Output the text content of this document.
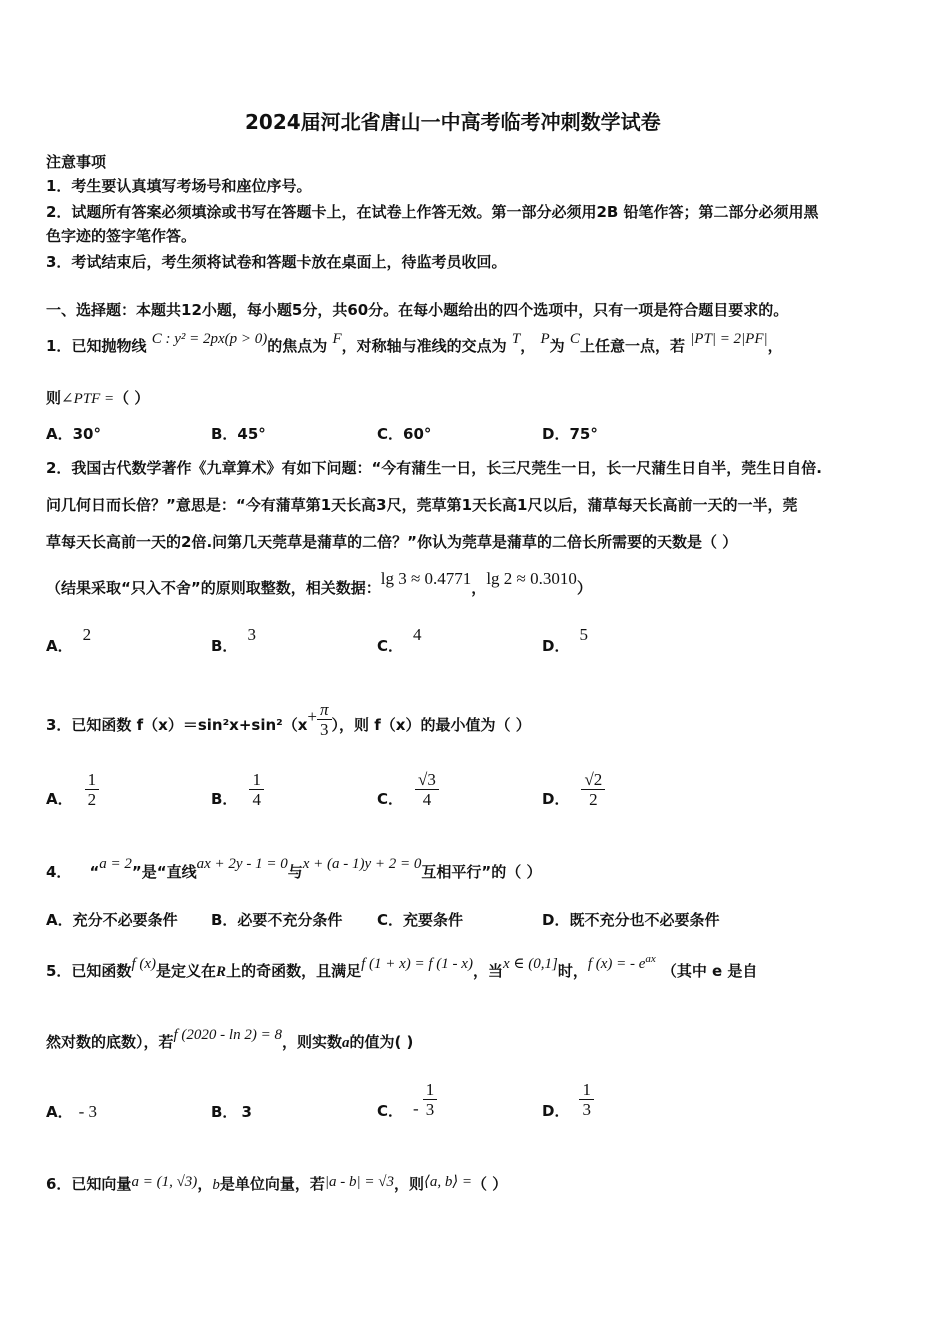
2024届河北省唐山一中高考临考冲刺数学试卷
注意事项
1．考生要认真填写考场号和座位序号。
2．试题所有答案必须填涂或书写在答题卡上，在试卷上作答无效。第一部分必须用2B 铅笔作答；第二部分必须用黑
色字迹的签字笔作答。
3．考试结束后，考生须将试卷和答题卡放在桌面上，待监考员收回。
一、选择题：本题共12小题，每小题5分，共60分。在每小题给出的四个选项中，只有一项是符合题目要求的。
1．已知抛物线 C : y² = 2px(p > 0)的焦点为 F，对称轴与准线的交点为 T， P为 C上任意一点，若 |PT| = 2|PF|，
则∠PTF =（ ）
A．30°	B．45°	C．60°	D．75°
2．我国古代数学著作《九章算术》有如下问题：“今有蒲生一日，长三尺莞生一日，长一尺蒲生日自半，莞生日自倍.
问几何日而长倍？”意思是：“今有蒲草第1天长高3尺，莞草第1天长高1尺以后，蒲草每天长高前一天的一半，莞
草每天长高前一天的2倍.问第几天莞草是蒲草的二倍？”你认为莞草是蒲草的二倍长所需要的天数是（ ）
（结果采取“只入不舍”的原则取整数，相关数据：lg 3 ≈ 0.4771，lg 2 ≈ 0.3010）
A．2
B．3
C．4
D．5
3．已知函数 $f(x)=\sin^2x+\sin^2(x+ \frac{\pi}{3}$ ），则 f（x）的最小值为（ ）
A． $\frac{1}{2}$	B． $\frac{1}{4}$	C． $\frac{√3}{4}$	D． $\frac{√2}{2}$
4． “a = 2”是“直线ax + 2y - 1 = 0与x + (a - 1)y + 2 = 0互相平行”的（ ）
A．充分不必要条件 B．必要不充分条件 C．充要条件	D．既不充分也不必要条件
5．已知函数f (x)是定义在R上的奇函数，且满足f (1 + x) = f (1 - x)，当x ∈ (0,1]时，f (x) = - $e^{ax}$（其中 e 是自
然对数的底数），若f (2020 - ln 2) = 8，则实数a的值为( )
A． - 3	B． 3	C． - $\frac{1}{3}$	D． $\frac{1}{3}$
6．已知向量a = (1, √3)，b是单位向量，若|a - b| = √3，则⟨a, b⟩ =（ ）
